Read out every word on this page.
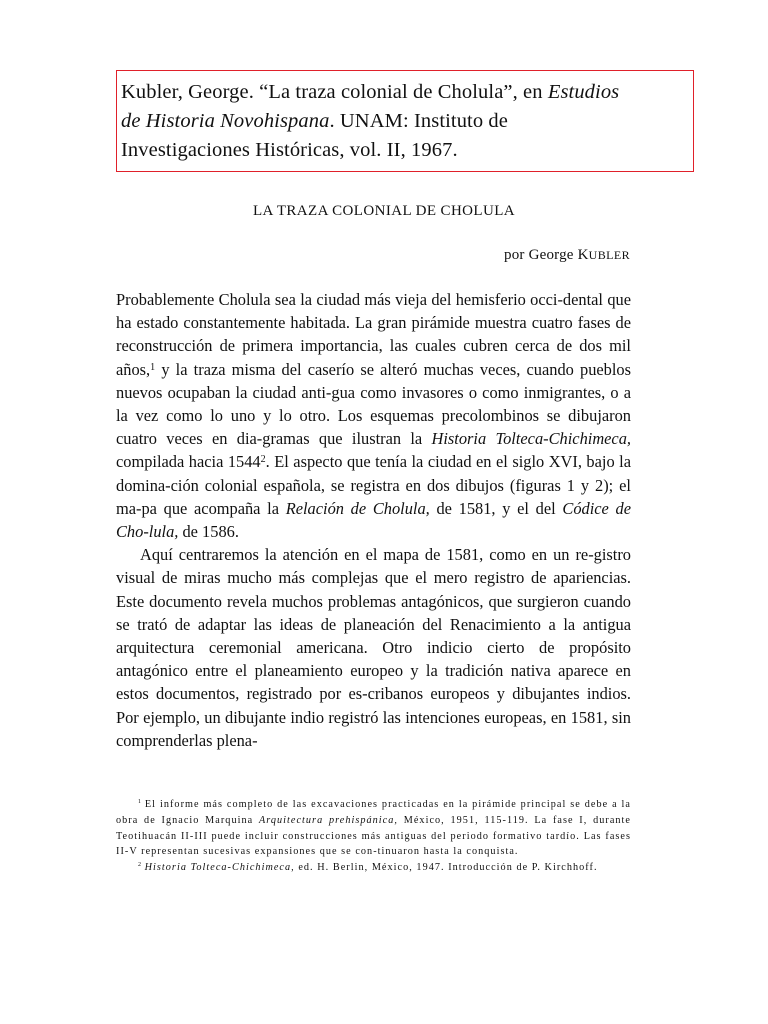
Kubler, George. “La traza colonial de Cholula”, en Estudios
de Historia Novohispana. UNAM: Instituto de
Investigaciones Históricas, vol. II, 1967.
LA TRAZA COLONIAL DE CHOLULA
por George KUBLER

Probablemente Cholula sea la ciudad más vieja del hemisferio occi-dental que ha estado constantemente habitada. La gran pirámide muestra cuatro fases de reconstrucción de primera importancia, las cuales cubren cerca de dos mil años,$^1$ y la traza misma del caserío se alteró muchas veces, cuando pueblos nuevos ocupaban la ciudad anti-gua como invasores o como inmigrantes, o a la vez como lo uno y lo otro. Los esquemas precolombinos se dibujaron cuatro veces en dia-gramas que ilustran la Historia Tolteca-Chichimeca, compilada hacia 1544$^2$. El aspecto que tenía la ciudad en el siglo XVI, bajo la domina-ción colonial española, se registra en dos dibujos (figuras 1 y 2); el ma-pa que acompaña la Relación de Cholula, de 1581, y el del Códice de Cho-lula, de 1586.

Aquí centraremos la atención en el mapa de 1581, como en un re-gistro visual de miras mucho más complejas que el mero registro de apariencias. Este documento revela muchos problemas antagónicos, que surgieron cuando se trató de adaptar las ideas de planeación del Renacimiento a la antigua arquitectura ceremonial americana. Otro indicio cierto de propósito antagónico entre el planeamiento europeo y la tradición nativa aparece en estos documentos, registrado por es-cribanos europeos y dibujantes indios. Por ejemplo, un dibujante indio registró las intenciones europeas, en 1581, sin comprenderlas plena-

$^1$ El informe más completo de las excavaciones practicadas en la pirámide principal se debe a la obra de Ignacio Marquina Arquitectura prehispánica, México, 1951, 115-119. La fase I, durante Teotihuacán II-III puede incluir construcciones más antiguas del periodo formativo tardío. Las fases II-V representan sucesivas expansiones que se con-tinuaron hasta la conquista.

$^2$ Historia Tolteca-Chichimeca, ed. H. Berlin, México, 1947. Introducción de P. Kirchhoff.
